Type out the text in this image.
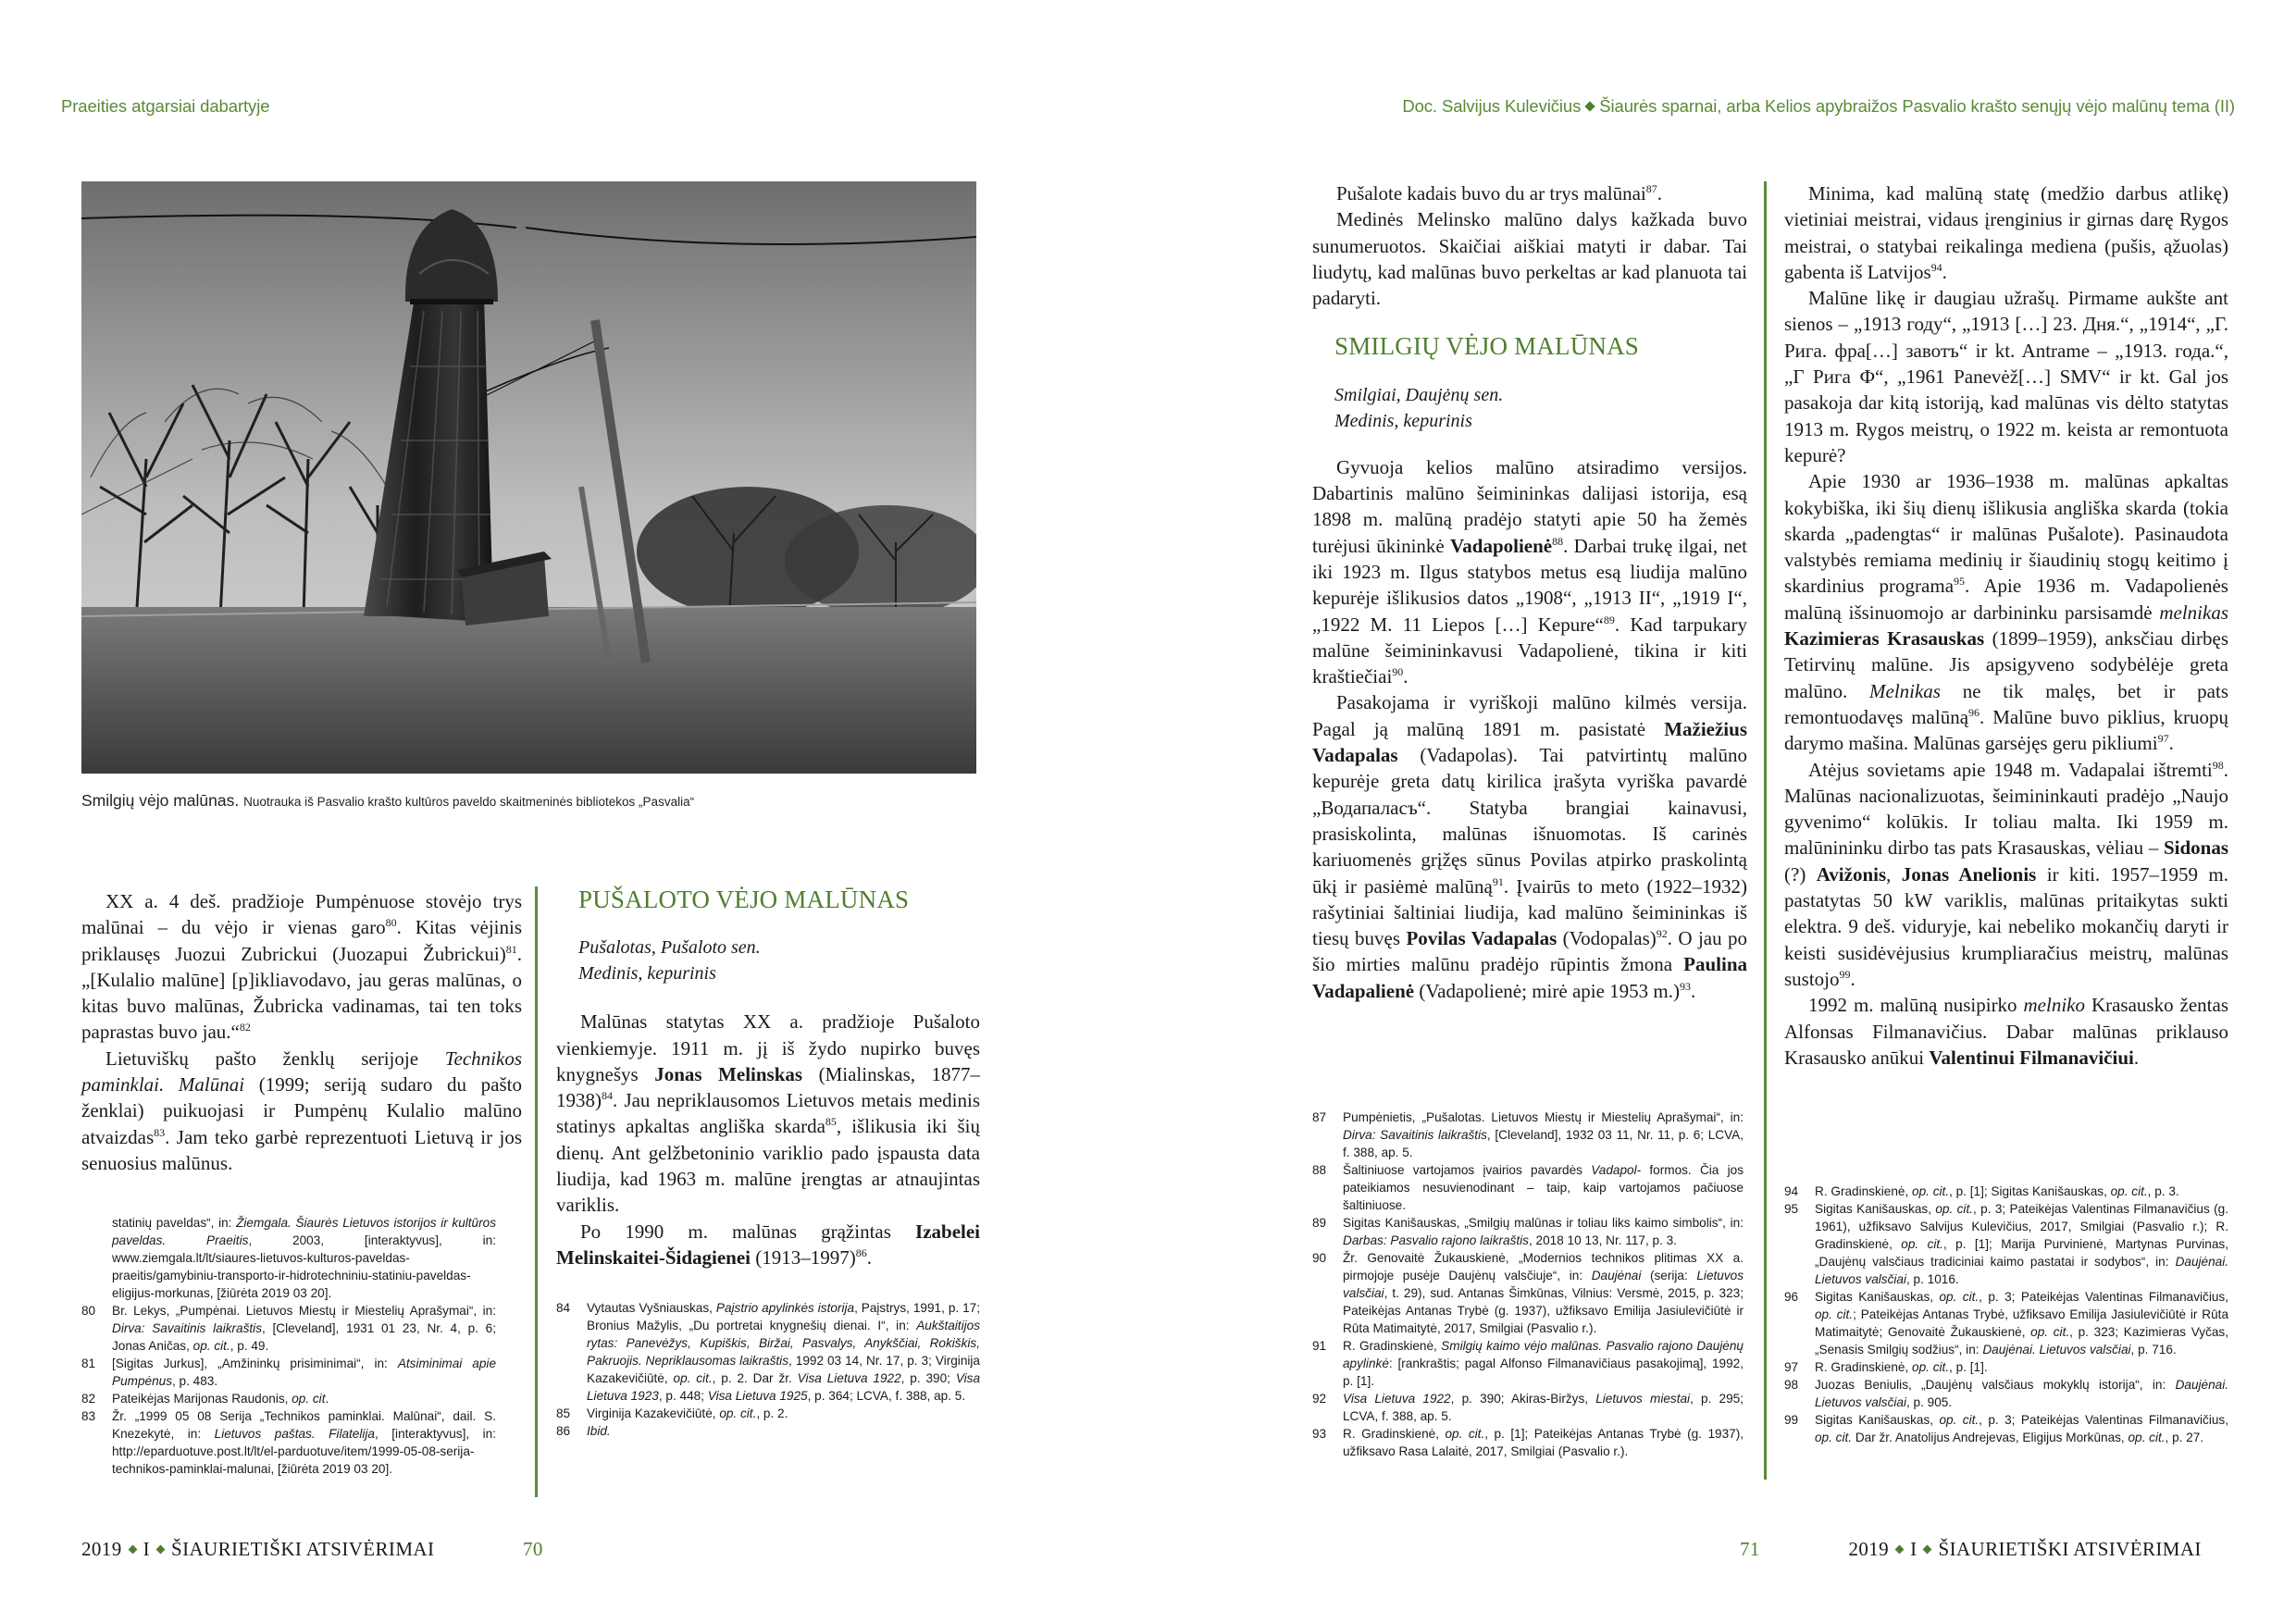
Praeities atgarsiai dabartyje	Doc. Salvijus Kulevičius Šiaurės sparnai, arba Kelios apybraižos Pasvalio krašto senųjų vėjo malūnų tema (II)
Smilgių vėjo malūnas. Nuotrauka iš Pasvalio krašto kultūros paveldo skaitmeninės bibliotekos „Pasvalia“

XX a. 4 deš. pradžioje Pumpėnuose stovėjo trys malūnai – du vėjo ir vienas garo$^{80}$. Kitas vėjinis priklausęs Juozui Zubrickui (Juozapui Žubrickui)$^{81}$. „[Kulalio malūne] [p]ikliavodavo, jau geras malūnas, o kitas buvo malūnas, Žubricka vadinamas, tai ten toks paprastas buvo jau.“$^{82}$

Lietuviškų pašto ženklų serijoje Technikos paminklai. Malūnai (1999; seriją sudaro du pašto ženklai) puikuojasi ir Pumpėnų Kulalio malūno atvaizdas$^{83}$. Jam teko garbė reprezentuoti Lietuvą ir jos senuosius malūnus.

PUŠALOTO VĖJO MALŪNAS

Pušalotas, Pušaloto sen.

Medinis, kepurinis

Malūnas statytas XX a. pradžioje Pušaloto vienkiemyje. 1911 m. jį iš žydo nupirko buvęs knygnešys Jonas Melinskas (Mialinskas, 1877–1938)$^{84}$. Jau nepriklausomos Lietuvos metais medinis statinys apkaltas angliška skarda$^{85}$, išlikusia iki šių dienų. Ant gelžbetoninio variklio pado įspausta data liudija, kad 1963 m. malūne įrengtas ar atnaujintas variklis.

Po 1990 m. malūnas grąžintas Izabelei Melinskaitei-Šidagienei (1913–1997)$^{86}$.

statinių paveldas“, in: Žiemgala. Šiaurės Lietuvos istorijos ir kultūros paveldas. Praeitis, 2003, [interaktyvus], in: www.ziemgala.lt/lt/siaures-lietuvos-kulturos-paveldas-praeitis/gamybiniu-transporto-ir-hidrotechniniu-statiniu-paveldas-eligijus-morkunas, [žiūrėta 2019 03 20].
80	Br. Lekys, „Pumpėnai. Lietuvos Miestų ir Miestelių Aprašymai“, in: Dirva: Savaitinis laikraštis, [Cleveland], 1931 01 23, Nr. 4, p. 6; Jonas Aničas, op. cit., p. 49.
81	[Sigitas Jurkus], „Amžininkų prisiminimai“, in: Atsiminimai apie Pumpėnus, p. 483.
82	Pateikėjas Marijonas Raudonis, op. cit.
83	Žr. „1999 05 08 Serija „Technikos paminklai. Malūnai“, dail. S. Knezekytė, in: Lietuvos paštas. Filatelija, [interaktyvus], in: http://eparduotuve.post.lt/lt/el-parduotuve/item/1999-05-08-serija-technikos-paminklai-malunai, [žiūrėta 2019 03 20].
84	Vytautas Vyšniauskas, Paįstrio apylinkės istorija, Paįstrys, 1991, p. 17; Bronius Mažylis, „Du portretai knygnešių dienai. I“, in: Aukštaitijos rytas: Panevėžys, Kupiškis, Biržai, Pasvalys, Anykščiai, Rokiškis, Pakruojis. Nepriklausomas laikraštis, 1992 03 14, Nr. 17, p. 3; Virginija Kazakevičiūtė, op. cit., p. 2. Dar žr. Visa Lietuva 1922, p. 390; Visa Lietuva 1923, p. 448; Visa Lietuva 1925, p. 364; LCVA, f. 388, ap. 5.
85	Virginija Kazakevičiūtė, op. cit., p. 2.
86	Ibid.
2019 I ŠIAURIETIŠKI ATSIVĖRIMAI	70

Pušalote kadais buvo du ar trys malūnai$^{87}$.

Medinės Melinsko malūno dalys kažkada buvo sunumeruotos. Skaičiai aiškiai matyti ir dabar. Tai liudytų, kad malūnas buvo perkeltas ar kad planuota tai padaryti.

SMILGIŲ VĖJO MALŪNAS

Smilgiai, Daujėnų sen.

Medinis, kepurinis

Gyvuoja kelios malūno atsiradimo versijos. Dabartinis malūno šeimininkas dalijasi istorija, esą 1898 m. malūną pradėjo statyti apie 50 ha žemės turėjusi ūkininkė Vadapolienė$^{88}$. Darbai trukę ilgai, net iki 1923 m. Ilgus statybos metus esą liudija malūno kepurėje išlikusios datos „1908“, „1913 II“, „1919 I“, „1922 M. 11 Liepos […] Kepure“$^{89}$. Kad tarpukary malūne šeimininkavusi Vadapolienė, tikina ir kiti kraštiečiai$^{90}$.

Pasakojama ir vyriškoji malūno kilmės versija. Pagal ją malūną 1891 m. pasistatė Mažiežius Vadapalas (Vadapolas). Tai patvirtintų malūno kepurėje greta datų kirilica įrašyta vyriška pavardė „Водапаласъ“. Statyba brangiai kainavusi, prasiskolinta, malūnas išnuomotas. Iš carinės kariuomenės grįžęs sūnus Povilas atpirko praskolintą ūkį ir pasiėmė malūną$^{91}$. Įvairūs to meto (1922–1932) rašytiniai šaltiniai liudija, kad malūno šeimininkas iš tiesų buvęs Povilas Vadapalas (Vodopalas)$^{92}$. O jau po šio mirties malūnu pradėjo rūpintis žmona Paulina Vadapalienė (Vadapolienė; mirė apie 1953 m.)$^{93}$.

Minima, kad malūną statę (medžio darbus atlikę) vietiniai meistrai, vidaus įrenginius ir girnas darę Rygos meistrai, o statybai reikalinga mediena (pušis, ąžuolas) gabenta iš Latvijos$^{94}$.

Malūne likę ir daugiau užrašų. Pirmame aukšte ant sienos – „1913 году“, „1913 […] 23. Дня.“, „1914“, „Г. Рига. фра[…] завотъ“ ir kt. Antrame – „1913. года.“, „Г Рига Ф“, „1961 Panevėž[…] SMV“ ir kt. Gal jos pasakoja dar kitą istoriją, kad malūnas vis dėlto statytas 1913 m. Rygos meistrų, o 1922 m. keista ar remontuota kepurė?

Apie 1930 ar 1936–1938 m. malūnas apkaltas kokybiška, iki šių dienų išlikusia angliška skarda (tokia skarda „padengtas“ ir malūnas Pušalote). Pasinaudota valstybės remiama medinių ir šiaudinių stogų keitimo į skardinius programa$^{95}$. Apie 1936 m. Vadapolienės malūną išsinuomojo ar darbininku parsisamdė melnikas Kazimieras Krasauskas (1899–1959), anksčiau dirbęs Tetirvinų malūne. Jis apsigyveno sodybėlėje greta malūno. Melnikas ne tik malęs, bet ir pats remontuodavęs malūną$^{96}$. Malūne buvo piklius, kruopų darymo mašina. Malūnas garsėjęs geru pikliumi$^{97}$.

Atėjus sovietams apie 1948 m. Vadapalai ištremti$^{98}$. Malūnas nacionalizuotas, šeimininkauti pradėjo „Naujo gyvenimo“ kolūkis. Ir toliau malta. Iki 1959 m. malūnininku dirbo tas pats Krasauskas, vėliau – Sidonas (?) Avižonis, Jonas Anelionis ir kiti. 1957–1959 m. pastatytas 50 kW variklis, malūnas pritaikytas sukti elektra. 9 deš. viduryje, kai nebeliko mokančių daryti ir keisti susidėvėjusius krumpliaračius meistrų, malūnas sustojo$^{99}$.

1992 m. malūną nusipirko melniko Krasausko žentas Alfonsas Filmanavičius. Dabar malūnas priklauso Krasausko anūkui Valentinui Filmanavičiui.

87	Pumpėnietis, „Pušalotas. Lietuvos Miestų ir Miestelių Aprašymai“, in: Dirva: Savaitinis laikraštis, [Cleveland], 1932 03 11, Nr. 11, p. 6; LCVA, f. 388, ap. 5.
88	Šaltiniuose vartojamos įvairios pavardės Vadapol- formos. Čia jos pateikiamos nesuvienodinant – taip, kaip vartojamos pačiuose šaltiniuose.
89	Sigitas Kanišauskas, „Smilgių malūnas ir toliau liks kaimo simbolis“, in: Darbas: Pasvalio rajono laikraštis, 2018 10 13, Nr. 117, p. 3.
90	Žr. Genovaitė Žukauskienė, „Modernios technikos plitimas XX a. pirmojoje pusėje Daujėnų valsčiuje“, in: Daujėnai (serija: Lietuvos valsčiai, t. 29), sud. Antanas Šimkūnas, Vilnius: Versmė, 2015, p. 323; Pateikėjas Antanas Trybė (g. 1937), užfiksavo Emilija Jasiulevičiūtė ir Rūta Matimaitytė, 2017, Smilgiai (Pasvalio r.).
91	R. Gradinskienė, Smilgių kaimo vėjo malūnas. Pasvalio rajono Daujėnų apylinkė: [rankraštis; pagal Alfonso Filmanavičiaus pasakojimą], 1992, p. [1].
92	Visa Lietuva 1922, p. 390; Akiras-Biržys, Lietuvos miestai, p. 295; LCVA, f. 388, ap. 5.
93	R. Gradinskienė, op. cit., p. [1]; Pateikėjas Antanas Trybė (g. 1937), užfiksavo Rasa Lalaitė, 2017, Smilgiai (Pasvalio r.).
94	R. Gradinskienė, op. cit., p. [1]; Sigitas Kanišauskas, op. cit., p. 3.
95	Sigitas Kanišauskas, op. cit., p. 3; Pateikėjas Valentinas Filmanavičius (g. 1961), užfiksavo Salvijus Kulevičius, 2017, Smilgiai (Pasvalio r.); R. Gradinskienė, op. cit., p. [1]; Marija Purvinienė, Martynas Purvinas, „Daujėnų valsčiaus tradiciniai kaimo pastatai ir sodybos“, in: Daujėnai. Lietuvos valsčiai, p. 1016.
96	Sigitas Kanišauskas, op. cit., p. 3; Pateikėjas Valentinas Filmanavičius, op. cit.; Pateikėjas Antanas Trybė, užfiksavo Emilija Jasiulevičiūtė ir Rūta Matimaitytė; Genovaitė Žukauskienė, op. cit., p. 323; Kazimieras Vyčas, „Senasis Smilgių sodžius“, in: Daujėnai. Lietuvos valsčiai, p. 716.
97	R. Gradinskienė, op. cit., p. [1].
98	Juozas Beniulis, „Daujėnų valsčiaus mokyklų istorija“, in: Daujėnai. Lietuvos valsčiai, p. 905.
99	Sigitas Kanišauskas, op. cit., p. 3; Pateikėjas Valentinas Filmanavičius, op. cit. Dar žr. Anatolijus Andrejevas, Eligijus Morkūnas, op. cit., p. 27.
71	2019 I ŠIAURIETIŠKI ATSIVĖRIMAI
